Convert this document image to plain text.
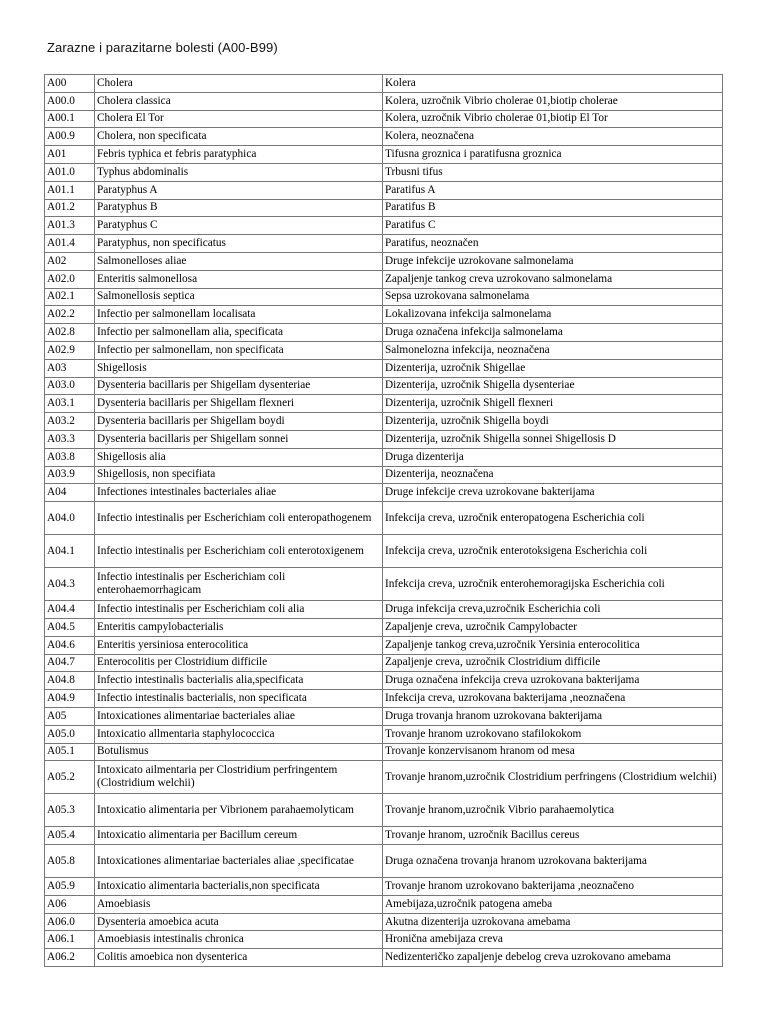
Zarazne i parazitarne bolesti (A00-B99)
A00	Cholera	Kolera
A00.0	Cholera classica	Kolera, uzročnik Vibrio cholerae 01,biotip cholerae
A00.1	Cholera El Tor	Kolera, uzročnik Vibrio cholerae 01,biotip El Tor
A00.9	Cholera, non specificata	Kolera, neoznačena
A01	Febris typhica et febris paratyphica	Tifusna groznica i paratifusna groznica
A01.0	Typhus abdominalis	Trbusni tifus
A01.1	Paratyphus A	Paratifus A
A01.2	Paratyphus B	Paratifus B
A01.3	Paratyphus C	Paratifus C
A01.4	Paratyphus, non specificatus	Paratifus, neoznačen
A02	Salmonelloses aliae	Druge infekcije uzrokovane salmonelama
A02.0	Enteritis salmonellosa	Zapaljenje tankog creva uzrokovano salmonelama
A02.1	Salmonellosis septica	Sepsa uzrokovana salmonelama
A02.2	Infectio per salmonellam localisata	Lokalizovana infekcija salmonelama
A02.8	Infectio per salmonellam alia, specificata	Druga označena infekcija salmonelama
A02.9	Infectio per salmonellam, non specificata	Salmonelozna infekcija, neoznačena
A03	Shigellosis	Dizenterija, uzročnik Shigellae
A03.0	Dysenteria bacillaris per Shigellam dysenteriae	Dizenterija, uzročnik Shigella dysenteriae
A03.1	Dysenteria bacillaris per Shigellam flexneri	Dizenterija, uzročnik Shigell flexneri
A03.2	Dysenteria bacillaris per Shigellam boydi	Dizenterija, uzročnik Shigella boydi
A03.3	Dysenteria bacillaris per Shigellam sonnei	Dizenterija, uzročnik Shigella sonnei Shigellosis D
A03.8	Shigellosis alia	Druga dizenterija
A03.9	Shigellosis, non specifiata	Dizenterija, neoznačena
A04	Infectiones intestinales bacteriales aliae	Druge infekcije creva uzrokovane bakterijama
A04.0	Infectio intestinalis per Escherichiam coli enteropathogenem	Infekcija creva, uzročnik enteropatogena Escherichia coli
A04.1	Infectio intestinalis per Escherichiam coli enterotoxigenem	Infekcija creva, uzročnik enterotoksigena Escherichia coli
A04.3	Infectio intestinalis per Escherichiam coli enterohaemorrhagicam	Infekcija creva, uzročnik enterohemoragijska Escherichia coli
A04.4	Infectio intestinalis per Escherichiam coli alia	Druga infekcija creva,uzročnik Escherichia coli
A04.5	Enteritis campylobacterialis	Zapaljenje creva, uzročnik Campylobacter
A04.6	Enteritis yersiniosa enterocolitica	Zapaljenje tankog creva,uzročnik Yersinia enterocolitica
A04.7	Enterocolitis per Clostridium difficile	Zapaljenje creva, uzročnik Clostridium difficile
A04.8	Infectio intestinalis bacterialis alia,specificata	Druga označena infekcija creva uzrokovana bakterijama
A04.9	Infectio intestinalis bacterialis, non specificata	Infekcija creva, uzrokovana bakterijama ,neoznačena
A05	Intoxicationes alimentariae bacteriales aliae	Druga trovanja hranom uzrokovana bakterijama
A05.0	Intoxicatio allmentaria staphylococcica	Trovanje hranom uzrokovano stafilokokom
A05.1	Botulismus	Trovanje konzervisanom hranom od mesa
A05.2	Intoxicato ailmentaria per Clostridium perfringentem (Clostridium welchii)	Trovanje hranom,uzročnik Clostridium perfringens (Clostridium welchii)
A05.3	Intoxicatio alimentaria per Vibrionem parahaemolyticam	Trovanje hranom,uzročnik Vibrio parahaemolytica
A05.4	Intoxicatio alimentaria per Bacillum cereum	Trovanje hranom, uzročnik Bacillus cereus
A05.8	Intoxicationes alimentariae bacteriales aliae ,specificatae	Druga označena trovanja hranom uzrokovana bakterijama
A05.9	Intoxicatio alimentaria bacterialis,non specificata	Trovanje hranom uzrokovano bakterijama ,neoznačeno
A06	Amoebiasis	Amebijaza,uzročnik patogena ameba
A06.0	Dysenteria amoebica acuta	Akutna dizenterija uzrokovana amebama
A06.1	Amoebiasis intestinalis chronica	Hronična amebijaza creva
A06.2	Colitis amoebica non dysenterica	Nedizenteričko zapaljenje debelog creva uzrokovano amebama
